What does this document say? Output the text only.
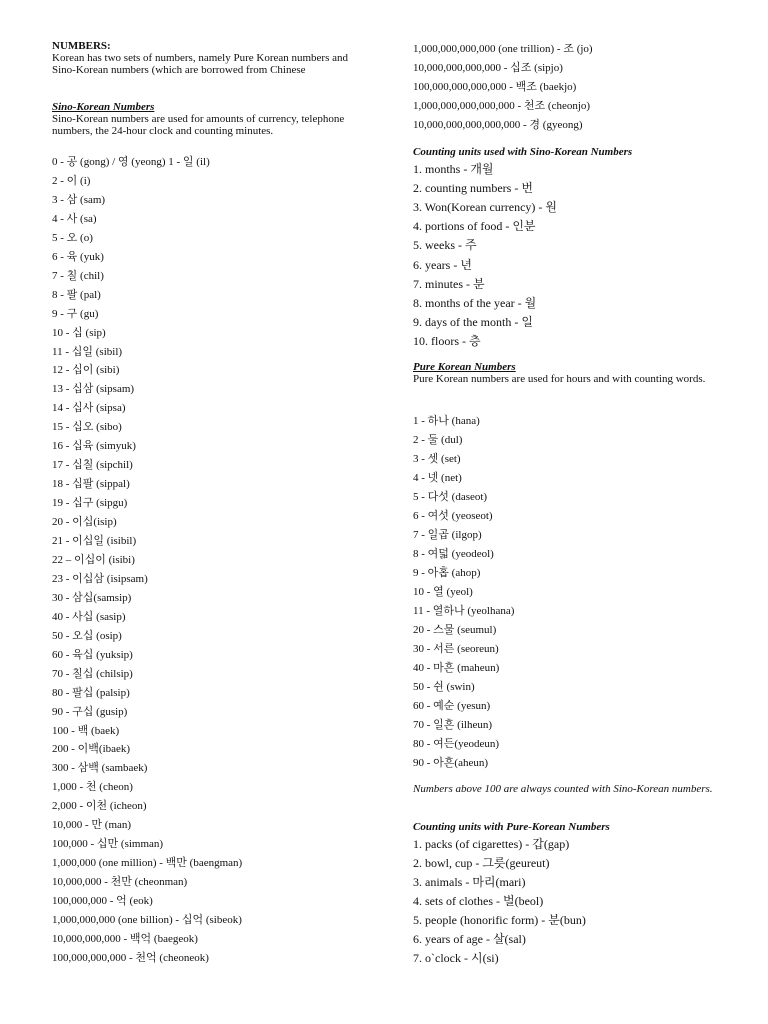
NUMBERS:
Korean has two sets of numbers, namely Pure Korean numbers and Sino-Korean numbers (which are borrowed from Chinese
Sino-Korean Numbers
Sino-Korean numbers are used for amounts of currency, telephone numbers, the 24-hour clock and counting minutes.
0 - 공 (gong) / 영 (yeong) 1 - 일 (il)
2 - 이 (i)
3 - 삼 (sam)
4 - 사 (sa)
5 - 오 (o)
6 - 육 (yuk)
7 - 칠 (chil)
8 - 팔 (pal)
9 - 구 (gu)
10 - 십 (sip)
11 - 십일 (sibil)
12 - 십이 (sibi)
13 - 십삼 (sipsam)
14 - 십사 (sipsa)
15 - 십오 (sibo)
16 - 십육 (simyuk)
17 - 십칠 (sipchil)
18 - 십팔 (sippal)
19 - 십구 (sipgu)
20 - 이십(isip)
21 - 이십일 (isibil)
22 – 이십이 (isibi)
23 - 이십삼 (isipsam)
30 - 삼십(samsip)
40 - 사십 (sasip)
50 - 오십 (osip)
60 - 육십 (yuksip)
70 - 칠십 (chilsip)
80 - 팔십 (palsip)
90 - 구십 (gusip)
100 - 백 (baek)
200 - 이백(ibaek)
300 - 삼백 (sambaek)
1,000 - 천 (cheon)
2,000 - 이천 (icheon)
10,000 - 만 (man)
100,000 - 십만 (simman)
1,000,000 (one million) - 백만 (baengman)
10,000,000 - 천만 (cheonman)
100,000,000 - 억 (eok)
1,000,000,000 (one billion) - 십억 (sibeok)
10,000,000,000 - 백억 (baegeok)
100,000,000,000 - 천억 (cheoneok)
1,000,000,000,000 (one trillion) - 조 (jo)
10,000,000,000,000 - 십조 (sipjo)
100,000,000,000,000 - 백조 (baekjo)
1,000,000,000,000,000 - 천조 (cheonjo)
10,000,000,000,000,000 - 경 (gyeong)
Counting units used with Sino-Korean Numbers
1. months - 개월
2. counting numbers - 번
3. Won(Korean currency) - 원
4. portions of food - 인분
5. weeks - 주
6. years - 년
7. minutes - 분
8. months of the year - 월
9. days of the month - 일
10. floors - 층
Pure Korean Numbers
Pure Korean numbers are used for hours and with counting words.
1 - 하나 (hana)
2 - 둘 (dul)
3 - 셋 (set)
4 - 넷 (net)
5 - 다섯 (daseot)
6 - 여섯 (yeoseot)
7 - 일곱 (ilgop)
8 - 여덟 (yeodeol)
9 - 아홉 (ahop)
10 - 열 (yeol)
11 - 열하나 (yeolhana)
20 - 스물 (seumul)
30 - 서른 (seoreun)
40 - 마흔 (maheun)
50 - 쉰 (swin)
60 - 예순 (yesun)
70 - 일흔 (ilheun)
80 - 여든(yeodeun)
90 - 아흔(aheun)
Numbers above 100 are always counted with Sino-Korean numbers.
Counting units with Pure-Korean Numbers
1. packs (of cigarettes) - 갑(gap)
2. bowl, cup - 그릇(geureut)
3. animals - 마리(mari)
4. sets of clothes - 벌(beol)
5. people (honorific form) - 분(bun)
6. years of age - 살(sal)
7. o`clock - 시(si)
